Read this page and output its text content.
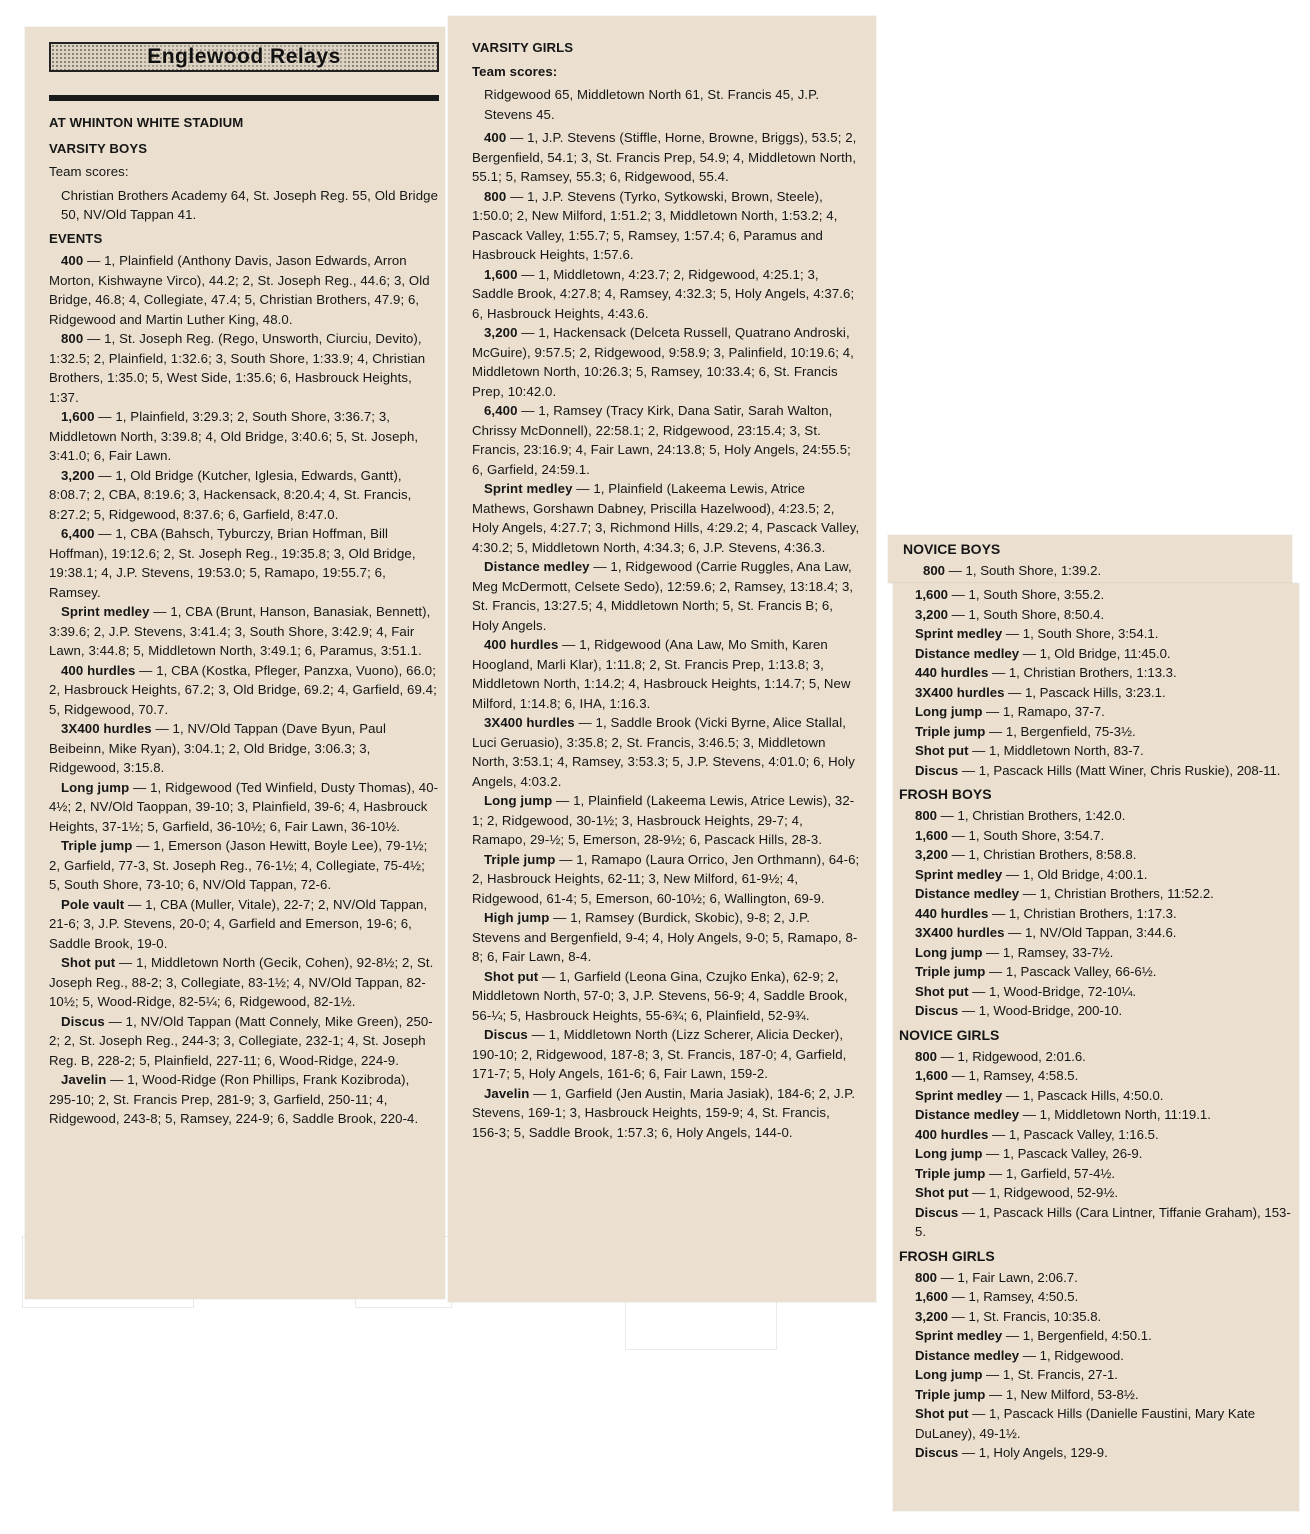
Englewood Relays

AT WHINTON WHITE STADIUM

VARSITY BOYS

Team scores:

Christian Brothers Academy 64, St. Joseph Reg. 55, Old Bridge 50, NV/Old Tappan 41.

EVENTS

400 — 1, Plainfield (Anthony Davis, Jason Edwards, Arron Morton, Kishwayne Virco), 44.2; 2, St. Joseph Reg., 44.6; 3, Old Bridge, 46.8; 4, Collegiate, 47.4; 5, Christian Brothers, 47.9; 6, Ridgewood and Martin Luther King, 48.0.

800 — 1, St. Joseph Reg. (Rego, Unsworth, Ciurciu, Devito), 1:32.5; 2, Plainfield, 1:32.6; 3, South Shore, 1:33.9; 4, Christian Brothers, 1:35.0; 5, West Side, 1:35.6; 6, Hasbrouck Heights, 1:37.

1,600 — 1, Plainfield, 3:29.3; 2, South Shore, 3:36.7; 3, Middletown North, 3:39.8; 4, Old Bridge, 3:40.6; 5, St. Joseph, 3:41.0; 6, Fair Lawn.

3,200 — 1, Old Bridge (Kutcher, Iglesia, Edwards, Gantt), 8:08.7; 2, CBA, 8:19.6; 3, Hackensack, 8:20.4; 4, St. Francis, 8:27.2; 5, Ridgewood, 8:37.6; 6, Garfield, 8:47.0.

6,400 — 1, CBA (Bahsch, Tyburczy, Brian Hoffman, Bill Hoffman), 19:12.6; 2, St. Joseph Reg., 19:35.8; 3, Old Bridge, 19:38.1; 4, J.P. Stevens, 19:53.0; 5, Ramapo, 19:55.7; 6, Ramsey.

Sprint medley — 1, CBA (Brunt, Hanson, Banasiak, Bennett), 3:39.6; 2, J.P. Stevens, 3:41.4; 3, South Shore, 3:42.9; 4, Fair Lawn, 3:44.8; 5, Middletown North, 3:49.1; 6, Paramus, 3:51.1.

400 hurdles — 1, CBA (Kostka, Pfleger, Panzxa, Vuono), 66.0; 2, Hasbrouck Heights, 67.2; 3, Old Bridge, 69.2; 4, Garfield, 69.4; 5, Ridgewood, 70.7.

3X400 hurdles — 1, NV/Old Tappan (Dave Byun, Paul Beibeinn, Mike Ryan), 3:04.1; 2, Old Bridge, 3:06.3; 3, Ridgewood, 3:15.8.

Long jump — 1, Ridgewood (Ted Winfield, Dusty Thomas), 40-4½; 2, NV/Old Taoppan, 39-10; 3, Plainfield, 39-6; 4, Hasbrouck Heights, 37-1½; 5, Garfield, 36-10½; 6, Fair Lawn, 36-10½.

Triple jump — 1, Emerson (Jason Hewitt, Boyle Lee), 79-1½; 2, Garfield, 77-3, St. Joseph Reg., 76-1½; 4, Collegiate, 75-4½; 5, South Shore, 73-10; 6, NV/Old Tappan, 72-6.

Pole vault — 1, CBA (Muller, Vitale), 22-7; 2, NV/Old Tappan, 21-6; 3, J.P. Stevens, 20-0; 4, Garfield and Emerson, 19-6; 6, Saddle Brook, 19-0.

Shot put — 1, Middletown North (Gecik, Cohen), 92-8½; 2, St. Joseph Reg., 88-2; 3, Collegiate, 83-1½; 4, NV/Old Tappan, 82-10½; 5, Wood-Ridge, 82-5¼; 6, Ridgewood, 82-1½.

Discus — 1, NV/Old Tappan (Matt Connely, Mike Green), 250-2; 2, St. Joseph Reg., 244-3; 3, Collegiate, 232-1; 4, St. Joseph Reg. B, 228-2; 5, Plainfield, 227-11; 6, Wood-Ridge, 224-9.

Javelin — 1, Wood-Ridge (Ron Phillips, Frank Kozibroda), 295-10; 2, St. Francis Prep, 281-9; 3, Garfield, 250-11; 4, Ridgewood, 243-8; 5, Ramsey, 224-9; 6, Saddle Brook, 220-4.

VARSITY GIRLS

Team scores:

Ridgewood 65, Middletown North 61, St. Francis 45, J.P. Stevens 45.

400 — 1, J.P. Stevens (Stiffle, Horne, Browne, Briggs), 53.5; 2, Bergenfield, 54.1; 3, St. Francis Prep, 54.9; 4, Middletown North, 55.1; 5, Ramsey, 55.3; 6, Ridgewood, 55.4.

800 — 1, J.P. Stevens (Tyrko, Sytkowski, Brown, Steele), 1:50.0; 2, New Milford, 1:51.2; 3, Middletown North, 1:53.2; 4, Pascack Valley, 1:55.7; 5, Ramsey, 1:57.4; 6, Paramus and Hasbrouck Heights, 1:57.6.

1,600 — 1, Middletown, 4:23.7; 2, Ridgewood, 4:25.1; 3, Saddle Brook, 4:27.8; 4, Ramsey, 4:32.3; 5, Holy Angels, 4:37.6; 6, Hasbrouck Heights, 4:43.6.

3,200 — 1, Hackensack (Delceta Russell, Quatrano Androski, McGuire), 9:57.5; 2, Ridgewood, 9:58.9; 3, Palinfield, 10:19.6; 4, Middletown North, 10:26.3; 5, Ramsey, 10:33.4; 6, St. Francis Prep, 10:42.0.

6,400 — 1, Ramsey (Tracy Kirk, Dana Satir, Sarah Walton, Chrissy McDonnell), 22:58.1; 2, Ridgewood, 23:15.4; 3, St. Francis, 23:16.9; 4, Fair Lawn, 24:13.8; 5, Holy Angels, 24:55.5; 6, Garfield, 24:59.1.

Sprint medley — 1, Plainfield (Lakeema Lewis, Atrice Mathews, Gorshawn Dabney, Priscilla Hazelwood), 4:23.5; 2, Holy Angels, 4:27.7; 3, Richmond Hills, 4:29.2; 4, Pascack Valley, 4:30.2; 5, Middletown North, 4:34.3; 6, J.P. Stevens, 4:36.3.

Distance medley — 1, Ridgewood (Carrie Ruggles, Ana Law, Meg McDermott, Celsete Sedo), 12:59.6; 2, Ramsey, 13:18.4; 3, St. Francis, 13:27.5; 4, Middletown North; 5, St. Francis B; 6, Holy Angels.

400 hurdles — 1, Ridgewood (Ana Law, Mo Smith, Karen Hoogland, Marli Klar), 1:11.8; 2, St. Francis Prep, 1:13.8; 3, Middletown North, 1:14.2; 4, Hasbrouck Heights, 1:14.7; 5, New Milford, 1:14.8; 6, IHA, 1:16.3.

3X400 hurdles — 1, Saddle Brook (Vicki Byrne, Alice Stallal, Luci Geruasio), 3:35.8; 2, St. Francis, 3:46.5; 3, Middletown North, 3:53.1; 4, Ramsey, 3:53.3; 5, J.P. Stevens, 4:01.0; 6, Holy Angels, 4:03.2.

Long jump — 1, Plainfield (Lakeema Lewis, Atrice Lewis), 32-1; 2, Ridgewood, 30-1½; 3, Hasbrouck Heights, 29-7; 4, Ramapo, 29-½; 5, Emerson, 28-9½; 6, Pascack Hills, 28-3.

Triple jump — 1, Ramapo (Laura Orrico, Jen Orthmann), 64-6; 2, Hasbrouck Heights, 62-11; 3, New Milford, 61-9½; 4, Ridgewood, 61-4; 5, Emerson, 60-10½; 6, Wallington, 69-9.

High jump — 1, Ramsey (Burdick, Skobic), 9-8; 2, J.P. Stevens and Bergenfield, 9-4; 4, Holy Angels, 9-0; 5, Ramapo, 8-8; 6, Fair Lawn, 8-4.

Shot put — 1, Garfield (Leona Gina, Czujko Enka), 62-9; 2, Middletown North, 57-0; 3, J.P. Stevens, 56-9; 4, Saddle Brook, 56-¼; 5, Hasbrouck Heights, 55-6¾; 6, Plainfield, 52-9¾.

Discus — 1, Middletown North (Lizz Scherer, Alicia Decker), 190-10; 2, Ridgewood, 187-8; 3, St. Francis, 187-0; 4, Garfield, 171-7; 5, Holy Angels, 161-6; 6, Fair Lawn, 159-2.

Javelin — 1, Garfield (Jen Austin, Maria Jasiak), 184-6; 2, J.P. Stevens, 169-1; 3, Hasbrouck Heights, 159-9; 4, St. Francis, 156-3; 5, Saddle Brook, 1:57.3; 6, Holy Angels, 144-0.

NOVICE BOYS

800 — 1, South Shore, 1:39.2.

1,600 — 1, South Shore, 3:55.2.

3,200 — 1, South Shore, 8:50.4.

Sprint medley — 1, South Shore, 3:54.1.

Distance medley — 1, Old Bridge, 11:45.0.

440 hurdles — 1, Christian Brothers, 1:13.3.

3X400 hurdles — 1, Pascack Hills, 3:23.1.

Long jump — 1, Ramapo, 37-7.

Triple jump — 1, Bergenfield, 75-3½.

Shot put — 1, Middletown North, 83-7.

Discus — 1, Pascack Hills (Matt Winer, Chris Ruskie), 208-11.

FROSH BOYS

800 — 1, Christian Brothers, 1:42.0.

1,600 — 1, South Shore, 3:54.7.

3,200 — 1, Christian Brothers, 8:58.8.

Sprint medley — 1, Old Bridge, 4:00.1.

Distance medley — 1, Christian Brothers, 11:52.2.

440 hurdles — 1, Christian Brothers, 1:17.3.

3X400 hurdles — 1, NV/Old Tappan, 3:44.6.

Long jump — 1, Ramsey, 33-7½.

Triple jump — 1, Pascack Valley, 66-6½.

Shot put — 1, Wood-Bridge, 72-10¼.

Discus — 1, Wood-Bridge, 200-10.

NOVICE GIRLS

800 — 1, Ridgewood, 2:01.6.

1,600 — 1, Ramsey, 4:58.5.

Sprint medley — 1, Pascack Hills, 4:50.0.

Distance medley — 1, Middletown North, 11:19.1.

400 hurdles — 1, Pascack Valley, 1:16.5.

Long jump — 1, Pascack Valley, 26-9.

Triple jump — 1, Garfield, 57-4½.

Shot put — 1, Ridgewood, 52-9½.

Discus — 1, Pascack Hills (Cara Lintner, Tiffanie Graham), 153-5.

FROSH GIRLS

800 — 1, Fair Lawn, 2:06.7.

1,600 — 1, Ramsey, 4:50.5.

3,200 — 1, St. Francis, 10:35.8.

Sprint medley — 1, Bergenfield, 4:50.1.

Distance medley — 1, Ridgewood.

Long jump — 1, St. Francis, 27-1.

Triple jump — 1, New Milford, 53-8½.

Shot put — 1, Pascack Hills (Danielle Faustini, Mary Kate DuLaney), 49-1½.

Discus — 1, Holy Angels, 129-9.
